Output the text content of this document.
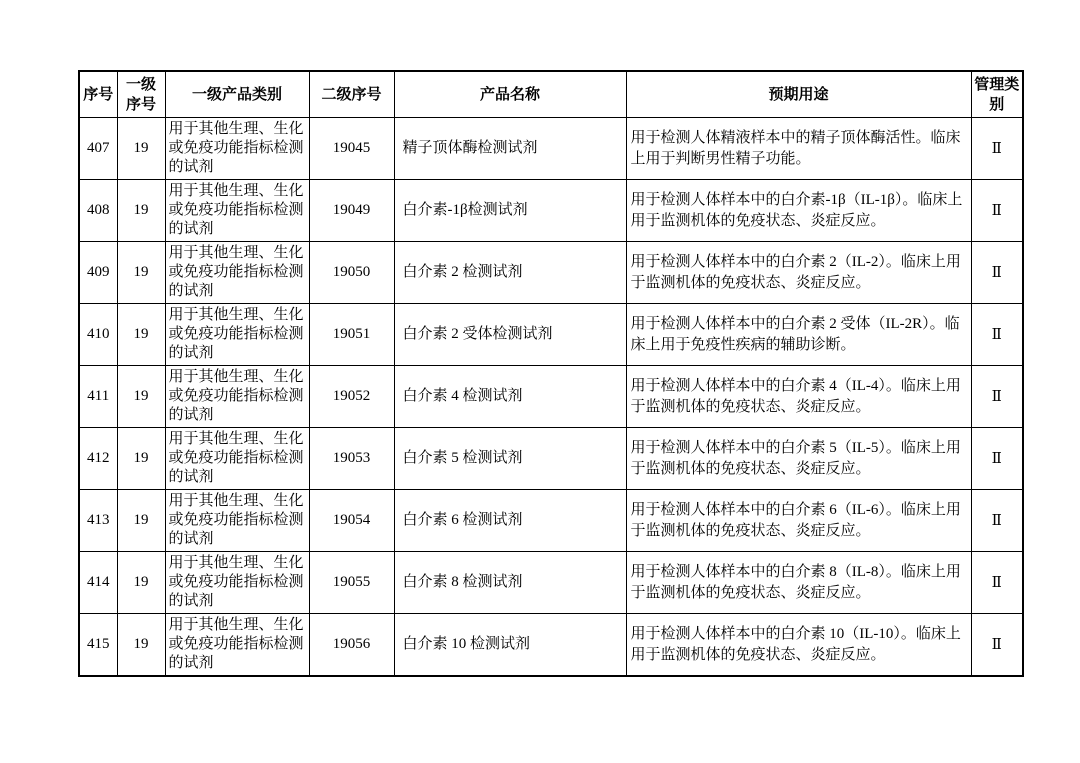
序号	一级序号	一级产品类别	二级序号	产品名称	预期用途	管理类别
407	19	用于其他生理、生化或免疫功能指标检测的试剂	19045	精子顶体酶检测试剂	用于检测人体精液样本中的精子顶体酶活性。临床上用于判断男性精子功能。	Ⅱ
408	19	用于其他生理、生化或免疫功能指标检测的试剂	19049	白介素-1β检测试剂	用于检测人体样本中的白介素-1β（IL-1β）。临床上用于监测机体的免疫状态、炎症反应。	Ⅱ
409	19	用于其他生理、生化或免疫功能指标检测的试剂	19050	白介素 2 检测试剂	用于检测人体样本中的白介素 2（IL-2）。临床上用于监测机体的免疫状态、炎症反应。	Ⅱ
410	19	用于其他生理、生化或免疫功能指标检测的试剂	19051	白介素 2 受体检测试剂	用于检测人体样本中的白介素 2 受体（IL-2R）。临床上用于免疫性疾病的辅助诊断。	Ⅱ
411	19	用于其他生理、生化或免疫功能指标检测的试剂	19052	白介素 4 检测试剂	用于检测人体样本中的白介素 4（IL-4）。临床上用于监测机体的免疫状态、炎症反应。	Ⅱ
412	19	用于其他生理、生化或免疫功能指标检测的试剂	19053	白介素 5 检测试剂	用于检测人体样本中的白介素 5（IL-5）。临床上用于监测机体的免疫状态、炎症反应。	Ⅱ
413	19	用于其他生理、生化或免疫功能指标检测的试剂	19054	白介素 6 检测试剂	用于检测人体样本中的白介素 6（IL-6）。临床上用于监测机体的免疫状态、炎症反应。	Ⅱ
414	19	用于其他生理、生化或免疫功能指标检测的试剂	19055	白介素 8 检测试剂	用于检测人体样本中的白介素 8（IL-8）。临床上用于监测机体的免疫状态、炎症反应。	Ⅱ
415	19	用于其他生理、生化或免疫功能指标检测的试剂	19056	白介素 10 检测试剂	用于检测人体样本中的白介素 10（IL-10）。临床上用于监测机体的免疫状态、炎症反应。	Ⅱ
